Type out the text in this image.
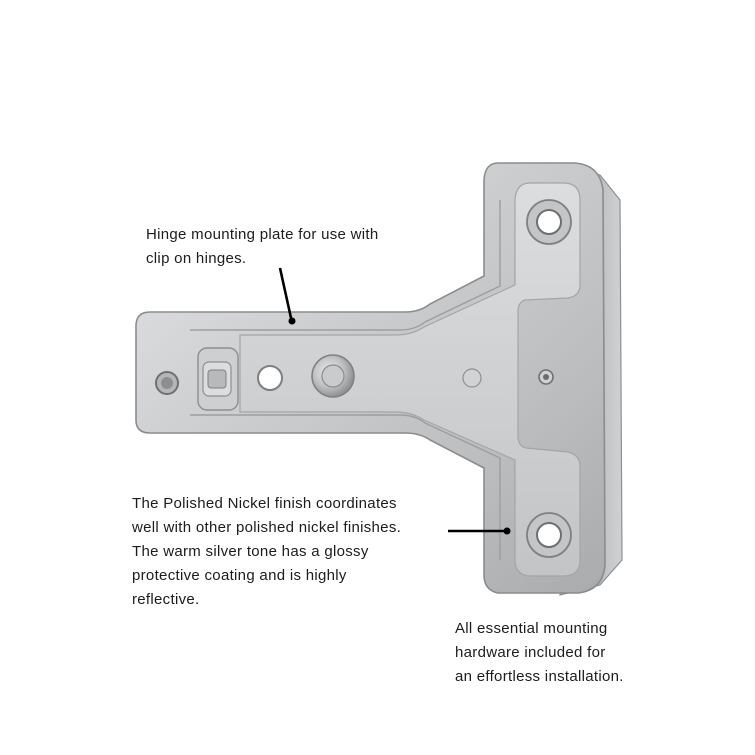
Hinge mounting plate for use with
clip on hinges.
The Polished Nickel finish coordinates
well with other polished nickel finishes.
The warm silver tone has a glossy
protective coating and is highly
reflective.
All essential mounting
hardware included for
an effortless installation.
